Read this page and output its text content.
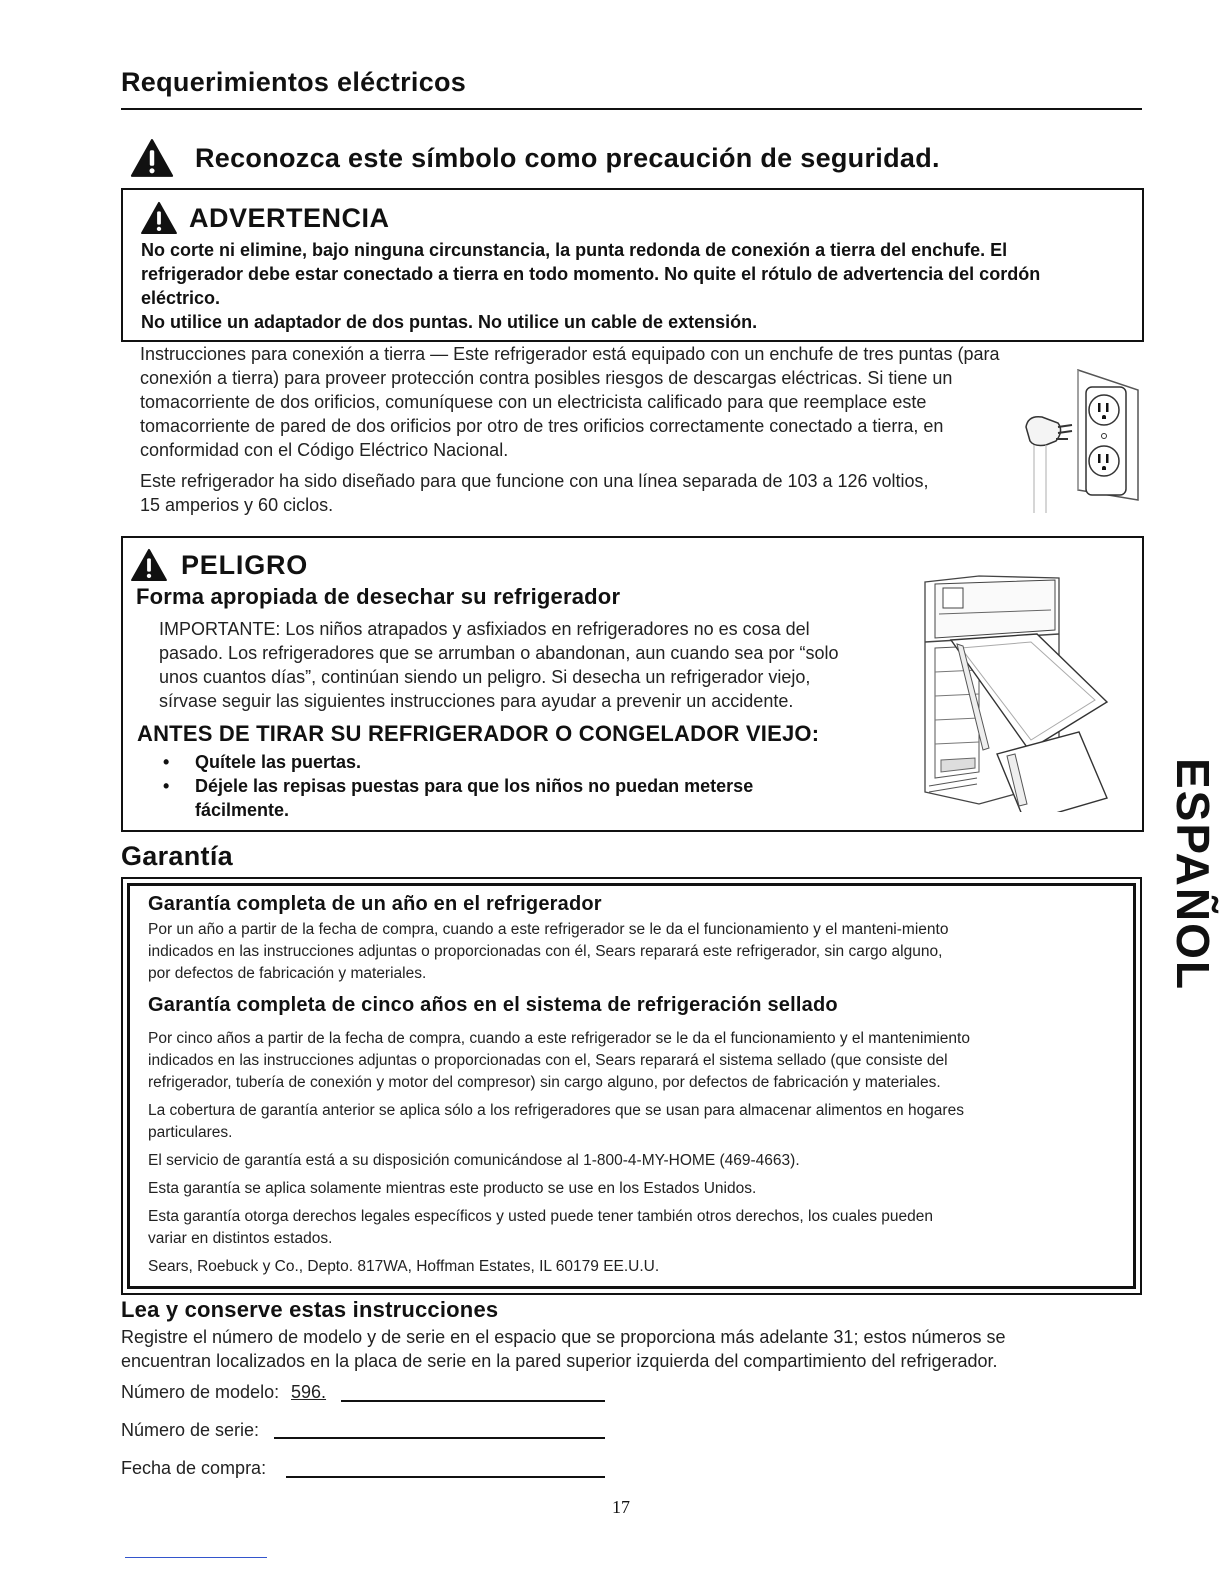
Requerimientos eléctricos
Reconozca este símbolo como precaución de seguridad.
ADVERTENCIA

No corte ni elimine, bajo ninguna circunstancia, la punta redonda de conexión a tierra del enchufe. El

refrigerador debe estar conectado a tierra en todo momento. No quite el rótulo de advertencia del cordón

eléctrico.

No utilice un adaptador de dos puntas. No utilice un cable de extensión.

Instrucciones para conexión a tierra — Este refrigerador está equipado con un enchufe de tres puntas (para

conexión a tierra) para proveer protección contra posibles riesgos de descargas eléctricas. Si tiene un

tomacorriente de dos orificios, comuníquese con un electricista calificado para que reemplace este

tomacorriente de pared de dos orificios por otro de tres orificios correctamente conectado a tierra, en

conformidad con el Código Eléctrico Nacional.

Este refrigerador ha sido diseñado para que funcione con una línea separada de 103 a 126 voltios,

15 amperios y 60 ciclos.

PELIGRO
Forma apropiada de desechar su refrigerador

IMPORTANTE: Los niños atrapados y asfixiados en refrigeradores no es cosa del

pasado. Los refrigeradores que se arrumban o abandonan, aun cuando sea por “solo

unos cuantos días”, continúan siendo un peligro. Si desecha un refrigerador viejo,

sírvase seguir las siguientes instrucciones para ayudar a prevenir un accidente.

ANTES DE TIRAR SU REFRIGERADOR O CONGELADOR VIEJO:
•	Quítele las puertas.
•	Déjele las repisas puestas para que los niños no puedan meterse
fácilmente.
Garantía
Garantía completa de un año en el refrigerador

Por un año a partir de la fecha de compra, cuando a este refrigerador se le da el funcionamiento y el manteni-miento

indicados en las instrucciones adjuntas o proporcionadas con él, Sears reparará este refrigerador, sin cargo alguno,

por defectos de fabricación y materiales.

Garantía completa de cinco años en el sistema de refrigeración sellado

Por cinco años a partir de la fecha de compra, cuando a este refrigerador se le da el funcionamiento y el mantenimiento

indicados en las instrucciones adjuntas o proporcionadas con el, Sears reparará el sistema sellado (que consiste del

refrigerador, tubería de conexión y motor del compresor) sin cargo alguno, por defectos de fabricación y materiales.

La cobertura de garantía anterior se aplica sólo a los refrigeradores que se usan para almacenar alimentos en hogares

particulares.

El servicio de garantía está a su disposición comunicándose al 1-800-4-MY-HOME (469-4663).

Esta garantía se aplica solamente mientras este producto se use en los Estados Unidos.

Esta garantía otorga derechos legales específicos y usted puede tener también otros derechos, los cuales pueden

variar en distintos estados.

Sears, Roebuck y Co., Depto. 817WA, Hoffman Estates, IL 60179 EE.U.U.

Lea y conserve estas instrucciones

Registre el número de modelo y de serie en el espacio que se proporciona más adelante 31; estos números se

encuentran localizados en la placa de serie en la pared superior izquierda del compartimiento del refrigerador.

Número de modelo: 596.
Número de serie:
Fecha de compra:
17
ESPAÑOL
